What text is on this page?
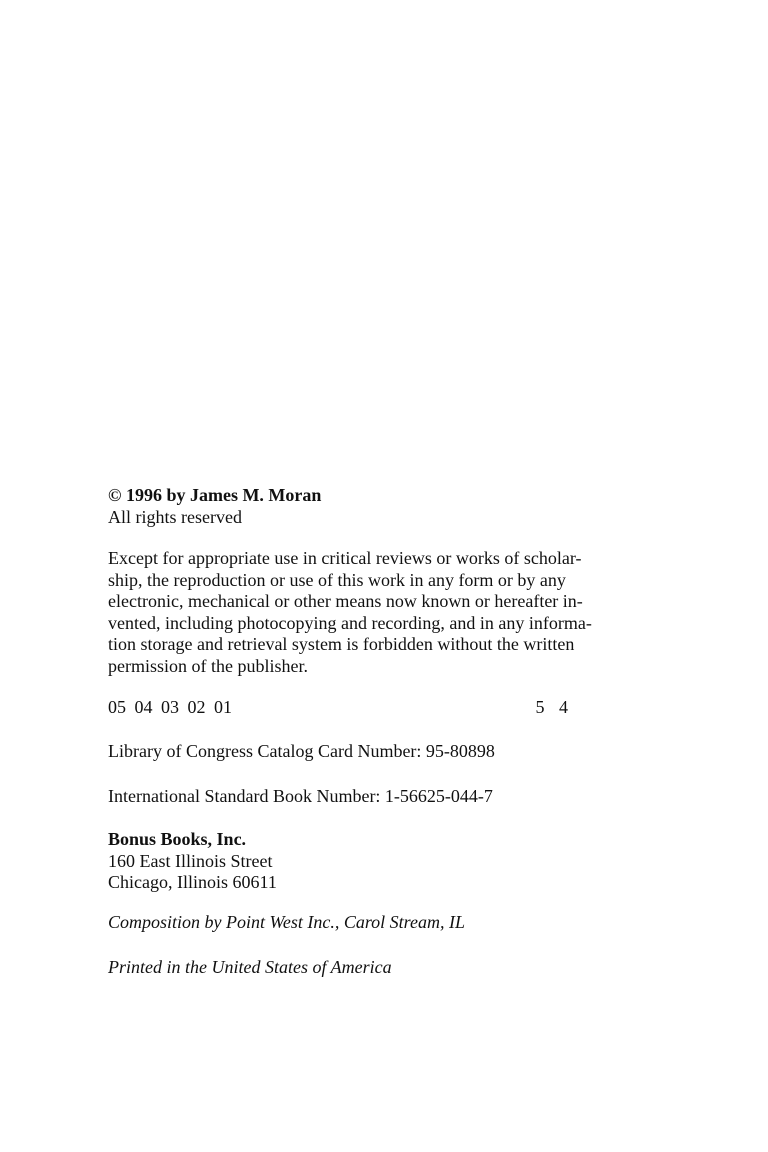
© 1996 by James M. Moran
All rights reserved
Except for appropriate use in critical reviews or works of scholar-
ship, the reproduction or use of this work in any form or by any
electronic, mechanical or other means now known or hereafter in-
vented, including photocopying and recording, and in any informa-
tion storage and retrieval system is forbidden without the written
permission of the publisher.
05 04 03 02 01	5 4
Library of Congress Catalog Card Number: 95-80898
International Standard Book Number: 1-56625-044-7
Bonus Books, Inc.
160 East Illinois Street
Chicago, Illinois 60611
Composition by Point West Inc., Carol Stream, IL
Printed in the United States of America
